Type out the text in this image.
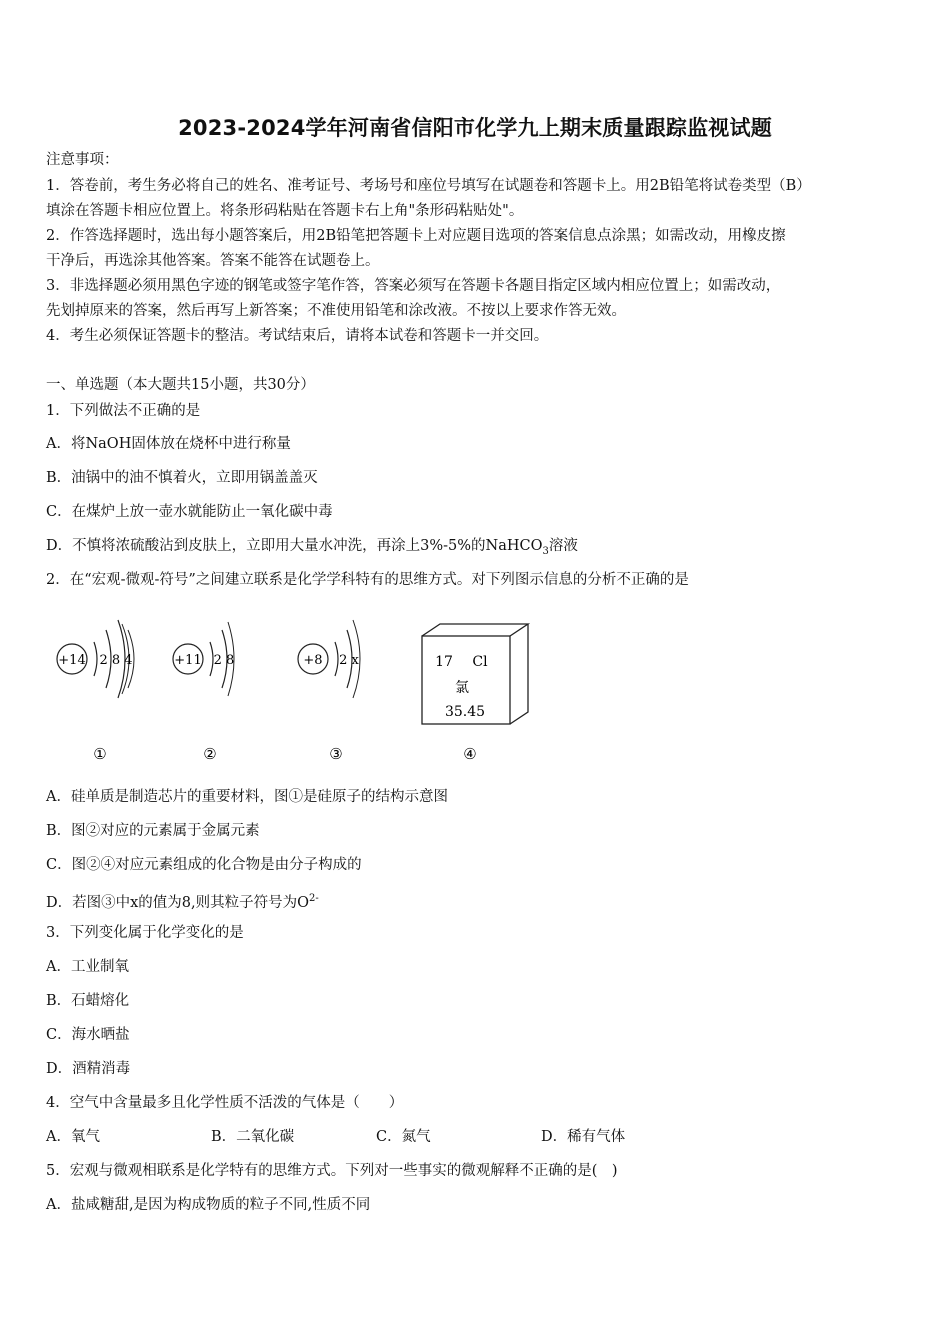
2023-2024学年河南省信阳市化学九上期末质量跟踪监视试题
注意事项：
1．答卷前，考生务必将自己的姓名、准考证号、考场号和座位号填写在试题卷和答题卡上。用2B铅笔将试卷类型（B）
填涂在答题卡相应位置上。将条形码粘贴在答题卡右上角"条形码粘贴处"。
2．作答选择题时，选出每小题答案后，用2B铅笔把答题卡上对应题目选项的答案信息点涂黑；如需改动，用橡皮擦
干净后，再选涂其他答案。答案不能答在试题卷上。
3．非选择题必须用黑色字迹的钢笔或签字笔作答，答案必须写在答题卡各题目指定区域内相应位置上；如需改动，
先划掉原来的答案，然后再写上新答案；不准使用铅笔和涂改液。不按以上要求作答无效。
4．考生必须保证答题卡的整洁。考试结束后，请将本试卷和答题卡一并交回。
一、单选题（本大题共15小题，共30分）
1．下列做法不正确的是
A．将NaOH固体放在烧杯中进行称量
B．油锅中的油不慎着火，立即用锅盖盖灭
C．在煤炉上放一壶水就能防止一氧化碳中毒
D．不慎将浓硫酸沾到皮肤上，立即用大量水冲洗，再涂上3%-5%的NaHCO$_3$溶液
2．在“宏观-微观-符号”之间建立联系是化学学科特有的思维方式。对下列图示信息的分析不正确的是
+14 2 8 4
①
+11 2 8
②
+8 2 x
③
17 Cl
氯
35.45
④
A．硅单质是制造芯片的重要材料，图①是硅原子的结构示意图
B．图②对应的元素属于金属元素
C．图②④对应元素组成的化合物是由分子构成的
D．若图③中x的值为8,则其粒子符号为$O^{2-}$
3．下列变化属于化学变化的是
A．工业制氧
B．石蜡熔化
C．海水晒盐
D．酒精消毒
4．空气中含量最多且化学性质不活泼的气体是（　　）
A．氧气	B．二氧化碳	C．氮气	D．稀有气体
5．宏观与微观相联系是化学特有的思维方式。下列对一些事实的微观解释不正确的是(　)
A．盐咸糖甜,是因为构成物质的粒子不同,性质不同
